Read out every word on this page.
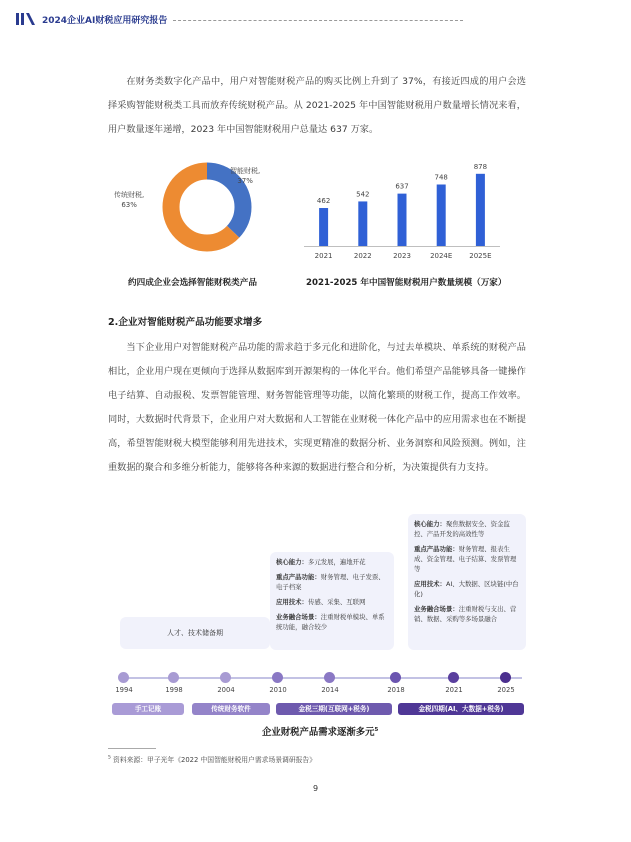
2024企业AI财税应用研究报告

在财务类数字化产品中，用户对智能财税产品的购买比例上升到了 37%，有接近四成的用户会选择采购智能财税类工具而放弃传统财税产品。从 2021-2025 年中国智能财税用户数量增长情况来看，用户数量逐年递增，2023 年中国智能财税用户总量达 637 万家。

智能财税,
37%
传统财税,
63%
约四成企业会选择智能财税类产品
462
2021
542
2022
637
2023
748
2024E
878
2025E
2021-2025 年中国智能财税用户数量规模（万家）
2.企业对智能财税产品功能要求增多

当下企业用户对智能财税产品功能的需求趋于多元化和进阶化，与过去单模块、单系统的财税产品相比，企业用户现在更倾向于选择从数据库到开源架构的一体化平台。他们希望产品能够具备一键操作电子结算、自动报税、发票智能管理、财务智能管理等功能，以简化繁琐的财税工作，提高工作效率。同时，大数据时代背景下，企业用户对大数据和人工智能在业财税一体化产品中的应用需求也在不断提高，希望智能财税大模型能够利用先进技术，实现更精准的数据分析、业务洞察和风险预测。例如，注重数据的聚合和多维分析能力，能够将各种来源的数据进行整合和分析，为决策提供有力支持。

人才、技术储备期
核心能力：多元发展，遍地开花
重点产品功能：财务管理、电子发票、电子档案
应用技术：传感、采集、互联网
业务融合场景：注重财税单模块、单系统功能，融合较少
核心能力：聚焦数据安全、资金监控、产品开发的高效性等
重点产品功能：财务管理、报表生成、资金管理、电子结算、发票管理等
应用技术：AI、大数据、区块链(中台化)
业务融合场景：注重财税与支出、营销、数据、采购等多场景融合
1994	1998	2004	2010	2014	2018	2021	2025
手工记账	传统财务软件	金税三期(互联网+税务)	金税四期(AI、大数据+税务)
企业财税产品需求逐渐多元$^5$
$^5$ 资料来源：甲子光年《2022 中国智能财税用户需求场景调研报告》
9
